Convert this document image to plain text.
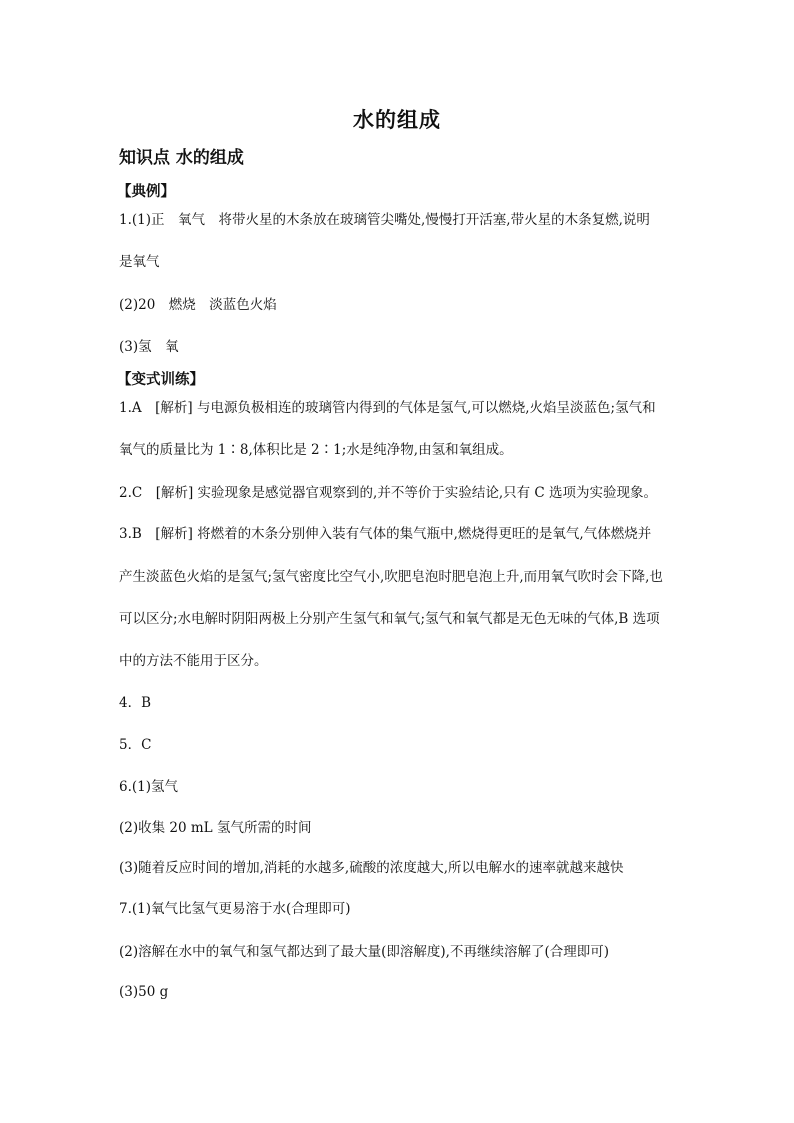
水的组成
知识点 水的组成
【典例】
1.(1)正　氧气　将带火星的木条放在玻璃管尖嘴处,慢慢打开活塞,带火星的木条复燃,说明
是氧气
(2)20　燃烧　淡蓝色火焰
(3)氢　氧
【变式训练】
1.A　[解析] 与电源负极相连的玻璃管内得到的气体是氢气,可以燃烧,火焰呈淡蓝色;氢气和
氧气的质量比为 1∶8,体积比是 2∶1;水是纯净物,由氢和氧组成。
2.C　[解析] 实验现象是感觉器官观察到的,并不等价于实验结论,只有 C 选项为实验现象。
3.B　[解析] 将燃着的木条分别伸入装有气体的集气瓶中,燃烧得更旺的是氧气,气体燃烧并
产生淡蓝色火焰的是氢气;氢气密度比空气小,吹肥皂泡时肥皂泡上升,而用氧气吹时会下降,也
可以区分;水电解时阴阳两极上分别产生氢气和氧气;氢气和氧气都是无色无味的气体,B 选项
中的方法不能用于区分。
4．B
5．C
6.(1)氢气
(2)收集 20 mL 氢气所需的时间
(3)随着反应时间的增加,消耗的水越多,硫酸的浓度越大,所以电解水的速率就越来越快
7.(1)氧气比氢气更易溶于水(合理即可)
(2)溶解在水中的氧气和氢气都达到了最大量(即溶解度),不再继续溶解了(合理即可)
(3)50 g
